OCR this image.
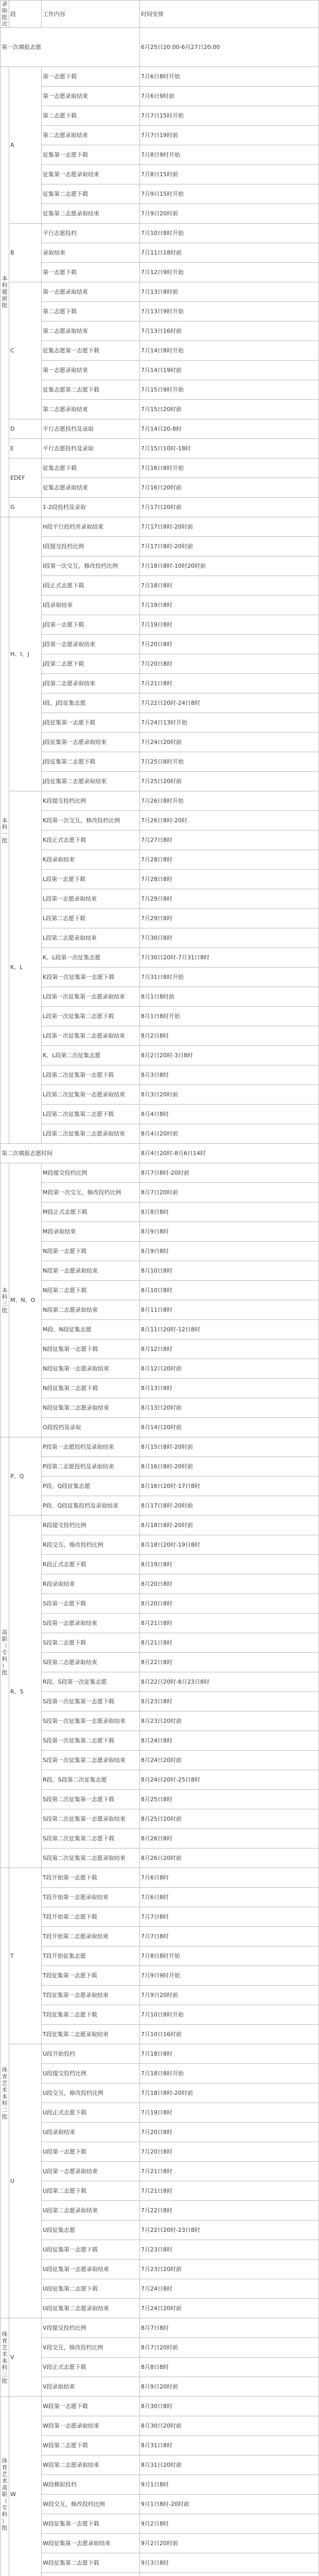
录取批次	段	工作内容	时间安排
第一次填报志愿			6月25日20:00-6月27日20:00

本科提前批	A	第一志愿下载	7月6日8时开始
		第一志愿录取结束	7月6日9时前
		第二志愿下载	7月7日15时开始
		第二志愿录取结束	7月7日19时前
		征集第一志愿下载	7月8日9时开始
		征集第一志愿录取结束	7月8日15时前
		征集第二志愿下载	7月9日15时开始
		征集第二志愿录取结束	7月9日20时前
	B	平行志愿投档	7月10日8时开始
		录取结束	7月11日18时前
		第一志愿下载	7月12日9时开始
	C	第一志愿录取结束	7月13日8时前
		第二志愿下载	7月13日9时开始
		第二志愿录取结束	7月13日16时前
		征集志愿第一志愿下载	7月14日8时开始
		第一志愿录取结束	7月14日19时前
		征集志愿第二志愿下载	7月15日9时开始
		第二志愿录取结束	7月15日20时前
	D	平行志愿投档及录取	7月14日20-8时
	E	平行志愿投档及录取	7月15日10时-18时
	EDEF	征集志愿下载	7月16日8时开始
		征集志愿录取结束	7月16日20时前
	G	1-2段投档及录取	7月17日20时前
本科一批	H、I、J	H段平行投档并录取结束	7月17日8时-20时前
		I段提交投档比例	7月17日8时-20时前
		I段第一次交互，修改投档比例	7月18日8时-10时20时前
		I段正式志愿下载	7月18日8时
		I段录取结束	7月19日8时
		J段第一志愿下载	7月19日8时
		J段第一志愿录取结束	7月20日8时
		J段第二志愿下载	7月20日8时
		J段第二志愿录取结束	7月21日8时
		I段、J段征集志愿	7月22日20时-24日8时
		J段征集第一志愿下载	7月24日13时开始
		J段征集第一志愿录取结束	7月24日20时前
		J段征集第二志愿下载	7月25日8时开始
		J段征集第二志愿录取结束	7月25日20时前
	K、L	K段提交投档比例	7月26日8时开始
		K段第一次交互，修改投档比例	7月26日8时-20时
		K段正式志愿下载	7月27日8时
		K段录取结束	7月28日8时
		L段第一志愿下载	7月28日8时
		L段第一志愿录取结束	7月29日8时
		L段第二志愿下载	7月29日8时
		L段第二志愿录取结束	7月30日8时
		K、L段第一次征集志愿	7月30日20时-7月31日8时
		K段第一次征集第一志愿下载	7月31日8时开始
		L段第一次征集第一志愿录取结束	8月1日8时前
		L段第一次征集第二志愿下载	8月1日8时开始
		L段第一次征集第二志愿录取结束	8月2日8时
		K、L段第二次征集志愿	8月2日20时-3日8时
		L段第二次征集第一志愿下载	8月3日8时
		L段第二次征集第一志愿录取结束	8月3日20时前
		L段第二次征集第二志愿下载	8月4日8时
		L段第二次征集第二志愿录取结束	8月4日20时前
第二次填报志愿时间			8月4日20时-8月6日14时
本科三批	M、N、O	M段提交投档比例	8月7日8时-20时前
		M段第一次交互，修改投档比例	8月7日20时前
		M段正式志愿下载	8月8日8时
		M段录取结束	8月9日8时
		N段第一志愿下载	8月9日8时
		N段第一志愿录取结束	8月10日8时
		N段第二志愿下载	8月10日8时
		N段第二志愿录取结束	8月11日8时
		M段、N段征集志愿	8月11日20时-12日8时
		N段征集第一志愿下载	8月12日8时
		N段征集第一志愿录取结束	8月12日20时前
		N段征集第二志愿下载	8月13日8时
		N段征集第二志愿录取结束	8月13日20时前
		O段投档及录取	8月14日20时前
高职（专科）批	P、Q	P段第一志愿投档及录取结束	8月15日8时-20时前
		P段第二志愿投档及录取结束	8月16日8时-20时前
		P段、Q段征集志愿	8月16日20时-17日8时
		P段、Q段征集投档及录取结束	8月17日8时-20时前
	R、S	R段提交投档比例	8月18日8时-20时前
		R段交互，修改投档比例	8月18日20时-19日8时
		R段正式志愿下载	8月19日8时
		R段录取结束	8月20日8时
		S段第一志愿下载	8月20日8时
		S段第一志愿录取结束	8月21日8时
		S段第二志愿下载	8月21日8时
		S段第二志愿录取结束	8月22日8时
		R段、S段第一次征集志愿	8月22日20时-8月23日8时
		S段第一次征集第一志愿下载	8月23日8时
		S段第一次征集第一志愿录取结束	8月23日20时前
		S段第一次征集第二志愿下载	8月24日8时
		S段第一次征集第二志愿录取结束	8月24日20时前
		R段、S段第二次征集志愿	8月24日20时-25日8时
		S段第二次征集第一志愿下载	8月25日8时
		S段第二次征集第一志愿录取结束	8月25日20时前
		S段第二次征集第二志愿下载	8月26日8时
		S段第二次征集第二志愿录取结束	8月26日20时前
体育艺术本科二批	T	T段开始第一志愿下载	7月6日8时
		T段开始第一志愿录取结束	7月6日8时
		T段开始第二志愿下载	7月7日8时
		T段开始第二志愿录取结束	7月7日8时
		T段开始征集志愿	7月8日8时开始
		T段征集第一志愿下载	7月9日9时开始
		T段征集第一志愿录取结束	7月9日20时前
		T段征集第二志愿下载	7月10日8时开始
		T段征集第二志愿录取结束	7月10日16时前
	U	U段开始投档	7月18日8时
		U段提交投档比例	7月18日8时开始
		U段交互，修改投档比例	7月18日8时-20时前
		U段正式志愿下载	7月19日8时
		U段录取结束	7月20日8时
		U段第一志愿下载	7月20日8时
		U段第一志愿录取结束	7月21日8时
		U段第二志愿下载	7月21日8时
		U段第二志愿录取结束	7月22日8时
		U段征集志愿	7月22日20时-23日8时
		U段征集第一志愿下载	7月23日8时
		U段征集第一志愿录取结束	7月23日20时前
		U段征集第二志愿下载	7月24日8时
		U段征集第二志愿录取结束	7月24日20时前
体育艺术本科三批	V	V段提交投档比例	8月7日8时
		V段交互，修改投档比例	8月7日20时前
		V段正式志愿下载	8月8日8时
		V段录取结束	8月9日20时前
体育艺术高职（专科）批	W	W段第一志愿下载	8月30日8时
		W段第一志愿录取结束	8月30日20时前
		W段第二志愿下载	8月31日8时
		W段第二志愿录取结束	8月31日20时前
		W段模拟投档	9月1日8时
		W段交互，修改投档比例	9月1日8时-20时前
		W段征集第一志愿下载	9月2日8时
		W段征集第一志愿录取结束	9月2日20时前
		W段征集第二志愿下载	9月3日8时
